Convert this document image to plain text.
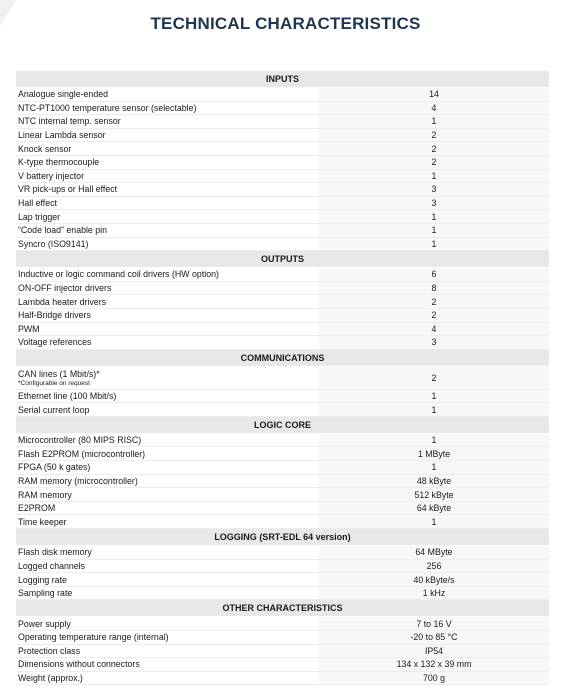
TECHNICAL CHARACTERISTICS
INPUTS	
Analogue single-ended	14
NTC-PT1000 temperature sensor (selectable)	4
NTC internal temp. sensor	1
Linear Lambda sensor	2
Knock sensor	2
K-type thermocouple	2
V battery injector	1
VR pick-ups or Hall effect	3
Hall effect	3
Lap trigger	1
“Code load” enable pin	1
Syncro (ISO9141)	1
OUTPUTS	
Inductive or logic command coil drivers (HW option)	6
ON-OFF injector drivers	8
Lambda heater drivers	2
Half-Bridge drivers	2
PWM	4
Voltage references	3
COMMUNICATIONS	
CAN lines (1 Mbit/s)*
*Configurable on request	2
Ethernet line (100 Mbit/s)	1
Serial current loop	1
LOGIC CORE	
Microcontroller (80 MIPS RISC)	1
Flash E2PROM (microcontroller)	1 MByte
FPGA (50 k gates)	1
RAM memory (microcontroller)	48 kByte
RAM memory	512 kByte
E2PROM	64 kByte
Time keeper	1
LOGGING (SRT-EDL 64 version)	
Flash disk memory	64 MByte
Logged channels	256
Logging rate	40 kByte/s
Sampling rate	1 kHz
OTHER CHARACTERISTICS	
Power supply	7 to 16 V
Operating temperature range (internal)	-20 to 85 °C
Protection class	IP54
Dimensions without connectors	134 x 132 x 39 mm
Weight (approx.)	700 g
